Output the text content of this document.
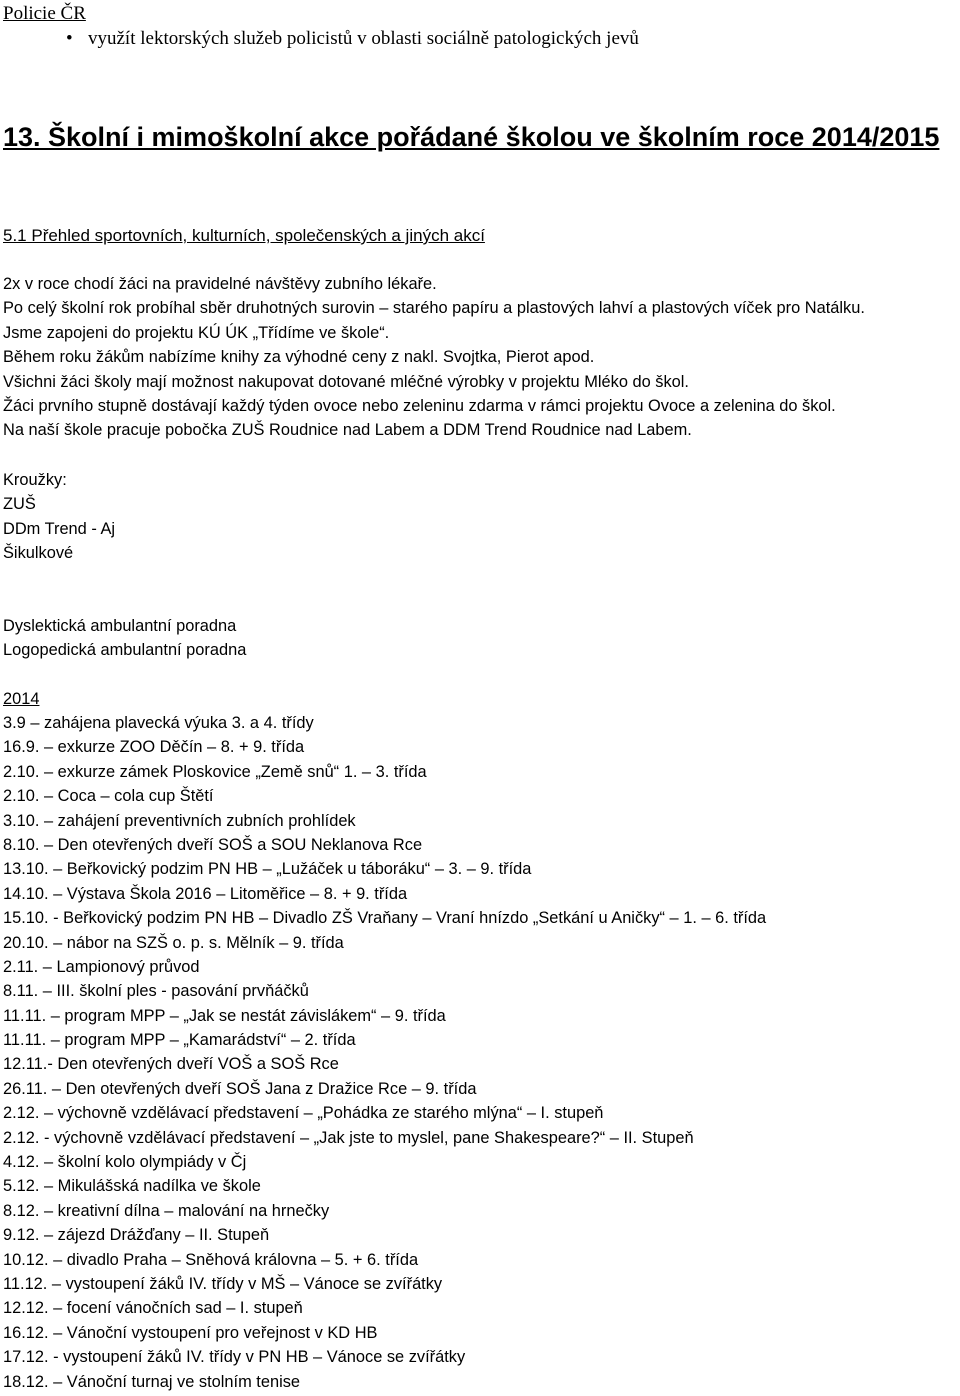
Policie ČR
• využít lektorských služeb policistů v oblasti sociálně patologických jevů
13. Školní i mimoškolní akce pořádané školou ve školním roce 2014/2015
5.1 Přehled sportovních, kulturních, společenských a jiných akcí
2x v roce chodí žáci na pravidelné návštěvy zubního lékaře.
Po celý školní rok probíhal sběr druhotných surovin – starého papíru a plastových lahví a plastových víček pro Natálku.
Jsme zapojeni do projektu KÚ ÚK „Třídíme ve škole“.
Během roku žákům nabízíme knihy za výhodné ceny z nakl. Svojtka, Pierot apod.
Všichni žáci školy mají možnost nakupovat dotované mléčné výrobky v projektu Mléko do škol.
Žáci prvního stupně dostávají každý týden ovoce nebo zeleninu zdarma v rámci projektu Ovoce a zelenina do škol.
Na naší škole pracuje pobočka ZUŠ Roudnice nad Labem a DDM Trend Roudnice nad Labem.
Kroužky:
ZUŠ
DDm Trend - Aj
Šikulkové
Dyslektická ambulantní poradna
Logopedická ambulantní poradna
2014
3.9 – zahájena plavecká výuka 3. a 4. třídy
16.9. – exkurze ZOO Děčín – 8. + 9. třída
2.10. – exkurze zámek Ploskovice „Země snů“ 1. – 3. třída
2.10. – Coca – cola cup Štětí
3.10. – zahájení preventivních zubních prohlídek
8.10. – Den otevřených dveří SOŠ a SOU Neklanova Rce
13.10. – Beřkovický podzim PN HB – „Lužáček u táboráku“ – 3. – 9. třída
14.10. – Výstava Škola 2016 – Litoměřice – 8. + 9. třída
15.10. - Beřkovický podzim PN HB – Divadlo ZŠ Vraňany – Vraní hnízdo „Setkání u Aničky“ – 1. – 6. třída
20.10. – nábor na SZŠ o. p. s. Mělník – 9. třída
2.11. – Lampionový průvod
8.11. – III. školní ples - pasování prvňáčků
11.11. – program MPP – „Jak se nestát závislákem“ – 9. třída
11.11. – program MPP – „Kamarádství“ – 2. třída
12.11.- Den otevřených dveří VOŠ a SOŠ Rce
26.11. – Den otevřených dveří SOŠ Jana z Dražice Rce – 9. třída
2.12. – výchovně vzdělávací představení – „Pohádka ze starého mlýna“ – I. stupeň
2.12. - výchovně vzdělávací představení – „Jak jste to myslel, pane Shakespeare?“ – II. Stupeň
4.12. – školní kolo olympiády v Čj
5.12. – Mikulášská nadílka ve škole
8.12. – kreativní dílna – malování na hrnečky
9.12. – zájezd Drážďany – II. Stupeň
10.12. – divadlo Praha – Sněhová královna – 5. + 6. třída
11.12. – vystoupení žáků IV. třídy v MŠ – Vánoce se zvířátky
12.12. – focení vánočních sad – I. stupeň
16.12. – Vánoční vystoupení pro veřejnost v KD HB
17.12. - vystoupení žáků IV. třídy v PN HB – Vánoce se zvířátky
18.12. – Vánoční turnaj ve stolním tenise
